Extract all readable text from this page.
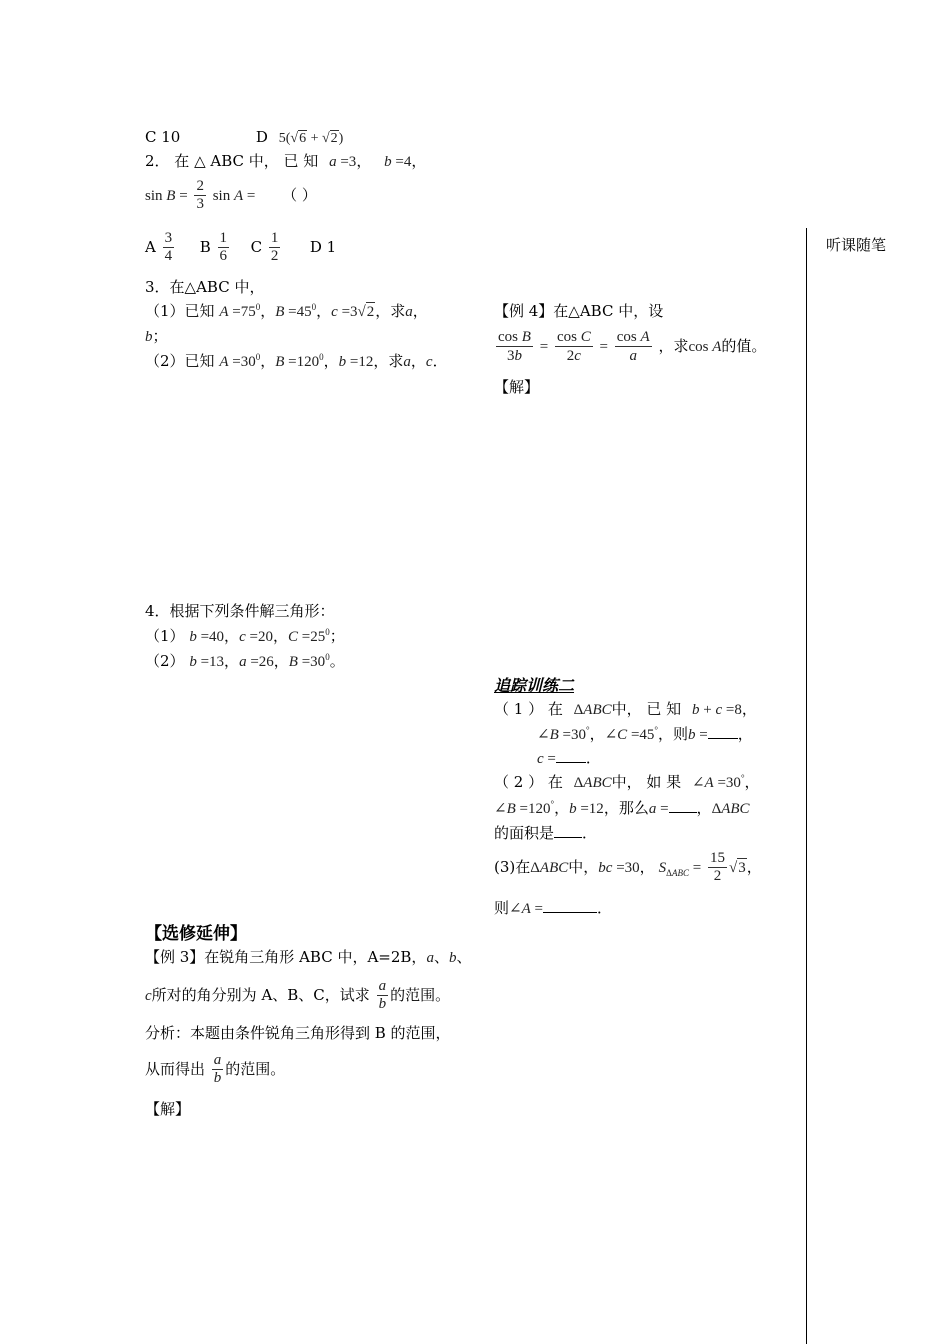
听课随笔
C 10	D 5(√6 + √2)
2． 在 △ ABC 中， 已 知 a =3， b =4，
$\sin B = \frac{2}{3}$ sin A = （ ）
A $\frac{3}{4}$ B $\frac{1}{6}$ C $\frac{1}{2}$ D 1
3．在△ABC 中，
（1）已知 $A =75^0$，$B =45^0$，c =3√2，求a，
b；
（2）已知 $A =30^0$，$B =120^0$，b =12，求a，c．
【例 4】在△ABC 中，设
$\frac{\text{cos B}}{3b} = \frac{\text{cos C}}{2c} = \frac{\text{cos A}}{a}$ ，求cos A的值。
【解】
4．根据下列条件解三角形：
（1） b =40，c =20，$C =25^0$；
（2） b =13，a =26，$B =30^0$。
追踪训练二
（ 1 ） 在 ΔABC中， 已 知 b + c =8，
∠B =30°，∠C =45°，则b = ，
c = ．
（ 2 ） 在 ΔABC中， 如 果 ∠A =30°，
∠B =120°，b =12，那么a = ，ΔABC
的面积是 ．
(3)在ΔABC中，bc =30， $S_{\Delta ABC} = \frac{15}{2} √3$，
则∠A =	．
【选修延伸】
【例 3】在锐角三角形 ABC 中，A=2B，a、b、
c所对的角分别为 A、B、C，试求 $\frac{a}{b}$ 的范围。
分析：本题由条件锐角三角形得到 B 的范围，
从而得出 $\frac{a}{b}$ 的范围。
【解】
